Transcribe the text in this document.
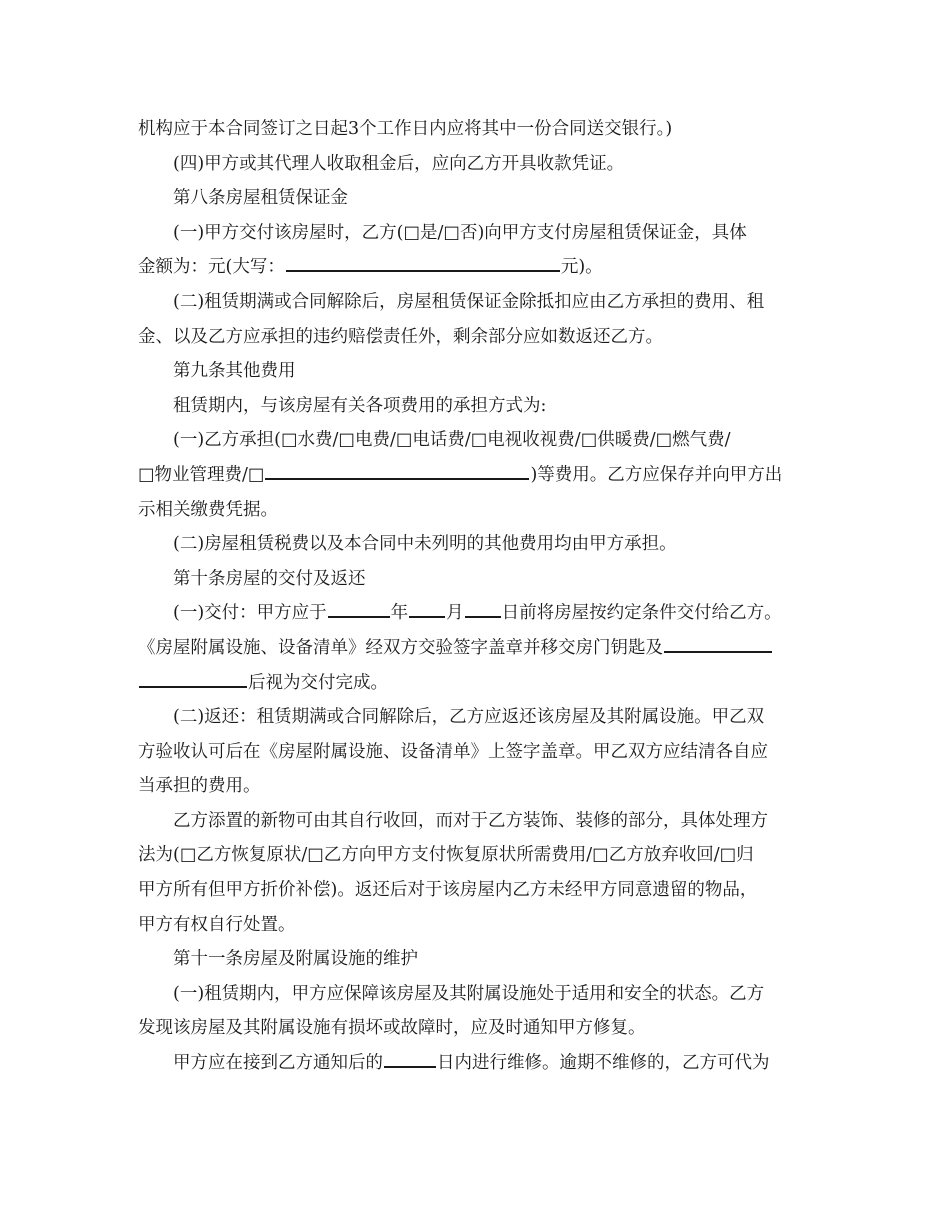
机构应于本合同签订之日起3个工作日内应将其中一份合同送交银行。)
(四)甲方或其代理人收取租金后，应向乙方开具收款凭证。
第八条房屋租赁保证金
(一)甲方交付该房屋时，乙方(□是/□否)向甲方支付房屋租赁保证金，具体
金额为：元(大写：	元)。
(二)租赁期满或合同解除后，房屋租赁保证金除抵扣应由乙方承担的费用、租
金、以及乙方应承担的违约赔偿责任外，剩余部分应如数返还乙方。
第九条其他费用
租赁期内，与该房屋有关各项费用的承担方式为:
(一)乙方承担(□水费/□电费/□电话费/□电视收视费/□供暖费/□燃气费/
□物业管理费/□	)等费用。乙方应保存并向甲方出
示相关缴费凭据。
(二)房屋租赁税费以及本合同中未列明的其他费用均由甲方承担。
第十条房屋的交付及返还
(一)交付：甲方应于	年 月 日前将房屋按约定条件交付给乙方。
《房屋附属设施、设备清单》经双方交验签字盖章并移交房门钥匙及
后视为交付完成。
(二)返还：租赁期满或合同解除后，乙方应返还该房屋及其附属设施。甲乙双
方验收认可后在《房屋附属设施、设备清单》上签字盖章。甲乙双方应结清各自应
当承担的费用。
乙方添置的新物可由其自行收回，而对于乙方装饰、装修的部分，具体处理方
法为(□乙方恢复原状/□乙方向甲方支付恢复原状所需费用/□乙方放弃收回/□归
甲方所有但甲方折价补偿)。返还后对于该房屋内乙方未经甲方同意遗留的物品，
甲方有权自行处置。
第十一条房屋及附属设施的维护
(一)租赁期内，甲方应保障该房屋及其附属设施处于适用和安全的状态。乙方
发现该房屋及其附属设施有损坏或故障时，应及时通知甲方修复。
甲方应在接到乙方通知后的	日内进行维修。逾期不维修的，乙方可代为
